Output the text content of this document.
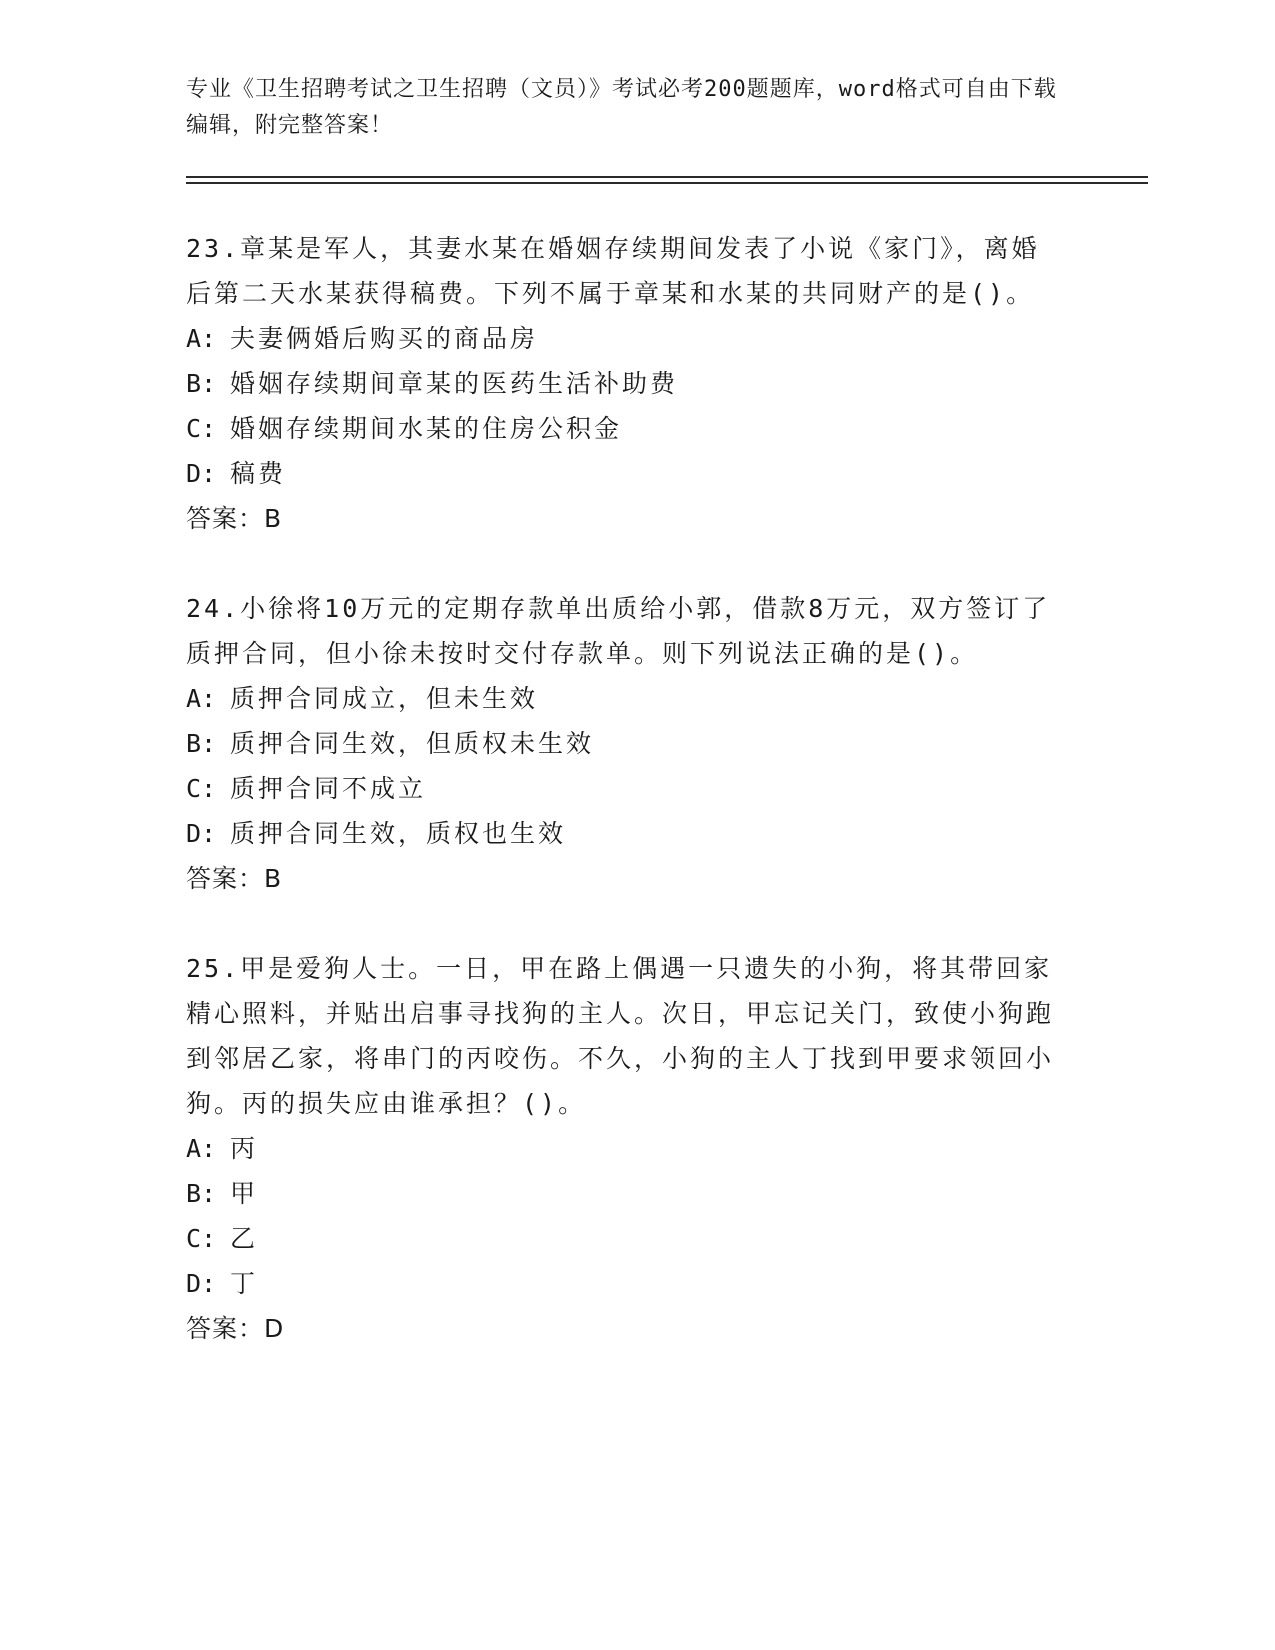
专业《卫生招聘考试之卫生招聘（文员）》考试必考200题题库，word格式可自由下载编辑，附完整答案！

23.章某是军人，其妻水某在婚姻存续期间发表了小说《家门》，离婚后第二天水某获得稿费。下列不属于章某和水某的共同财产的是()。

A: 夫妻俩婚后购买的商品房

B: 婚姻存续期间章某的医药生活补助费

C: 婚姻存续期间水某的住房公积金

D: 稿费

答案：B

24.小徐将10万元的定期存款单出质给小郭，借款8万元，双方签订了质押合同，但小徐未按时交付存款单。则下列说法正确的是()。

A: 质押合同成立，但未生效

B: 质押合同生效，但质权未生效

C: 质押合同不成立

D: 质押合同生效，质权也生效

答案：B

25.甲是爱狗人士。一日，甲在路上偶遇一只遗失的小狗，将其带回家精心照料，并贴出启事寻找狗的主人。次日，甲忘记关门，致使小狗跑到邻居乙家，将串门的丙咬伤。不久，小狗的主人丁找到甲要求领回小狗。丙的损失应由谁承担？()。

A: 丙

B: 甲

C: 乙

D: 丁

答案：D
